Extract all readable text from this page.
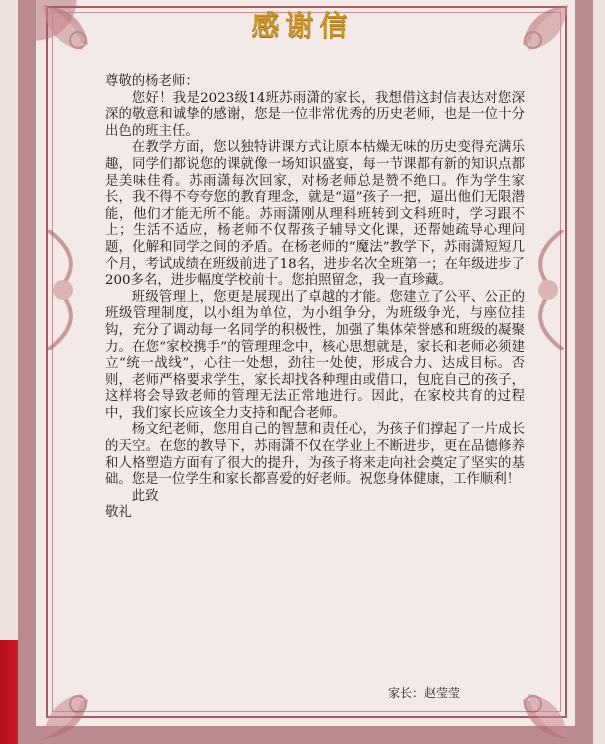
感谢信

尊敬的杨老师：

您好！我是2023级14班苏雨潇的家长，我想借这封信表达对您深深的敬意和诚挚的感谢，您是一位非常优秀的历史老师，也是一位十分出色的班主任。

在教学方面，您以独特讲课方式让原本枯燥无味的历史变得充满乐趣，同学们都说您的课就像一场知识盛宴，每一节课都有新的知识点都是美味佳肴。苏雨潇每次回家，对杨老师总是赞不绝口。作为学生家长，我不得不夸夸您的教育理念，就是“逼”孩子一把，逼出他们无限潜能，他们才能无所不能。苏雨潇刚从理科班转到文科班时，学习跟不上；生活不适应，杨老师不仅帮孩子辅导文化课，还帮她疏导心理问题，化解和同学之间的矛盾。在杨老师的“魔法”教学下，苏雨潇短短几个月，考试成绩在班级前进了18名，进步名次全班第一；在年级进步了200多名，进步幅度学校前十。您拍照留念，我一直珍藏。

班级管理上，您更是展现出了卓越的才能。您建立了公平、公正的班级管理制度，以小组为单位，为小组争分，为班级争光，与座位挂钩，充分了调动每一名同学的积极性，加强了集体荣誉感和班级的凝聚力。在您“家校携手”的管理理念中，核心思想就是，家长和老师必须建立“统一战线”，心往一处想，劲往一处使，形成合力、达成目标。否则，老师严格要求学生，家长却找各种理由或借口，包庇自己的孩子，这样将会导致老师的管理无法正常地进行。因此，在家校共育的过程中，我们家长应该全力支持和配合老师。

杨文纪老师，您用自己的智慧和责任心，为孩子们撑起了一片成长的天空。在您的教导下，苏雨潇不仅在学业上不断进步，更在品德修养和人格塑造方面有了很大的提升，为孩子将来走向社会奠定了坚实的基础。您是一位学生和家长都喜爱的好老师。祝您身体健康，工作顺利！

此致

敬礼

家长：赵莹莹
